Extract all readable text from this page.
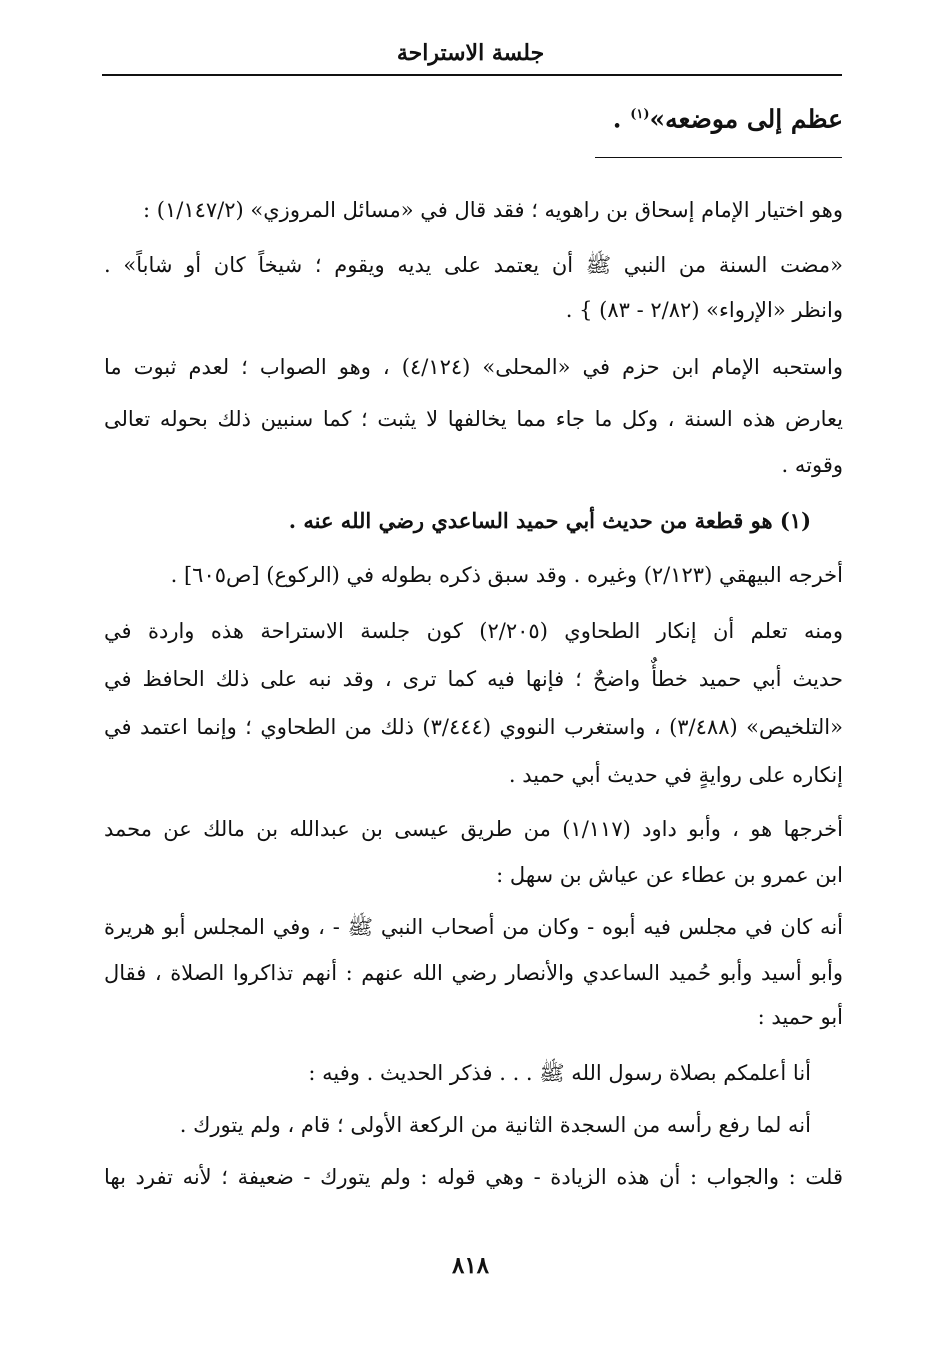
جلسة الاستراحة
عظم إلى موضعه»$^{(١)}$ .
وهو اختيار الإمام إسحاق بن راهويه ؛ فقد قال في «مسائل المروزي» (١/١٤٧/٢) :
«مضت السنة من النبي ﷺ أن يعتمد على يديه ويقوم ؛ شيخاً كان أو شاباً» .
وانظر «الإرواء» (٢/٨٢ - ٨٣) } .
واستحبه الإمام ابن حزم في «المحلى» (٤/١٢٤) ، وهو الصواب ؛ لعدم ثبوت ما
يعارض هذه السنة ، وكل ما جاء مما يخالفها لا يثبت ؛ كما سنبين ذلك بحوله تعالى
وقوته .
(١) هو قطعة من حديث أبي حميد الساعدي رضي الله عنه .
أخرجه البيهقي (٢/١٢٣) وغيره . وقد سبق ذكره بطوله في (الركوع) [ص٦٠٥] .
ومنه تعلم أن إنكار الطحاوي (٢/٢٠٥) كون جلسة الاستراحة هذه واردة في
حديث أبي حميد خطأٌ واضحٌ ؛ فإنها فيه كما ترى ، وقد نبه على ذلك الحافظ في
«التلخيص» (٣/٤٨٨) ، واستغرب النووي (٣/٤٤٤) ذلك من الطحاوي ؛ وإنما اعتمد في
إنكاره على روايةٍ في حديث أبي حميد .
أخرجها هو ، وأبو داود (١/١١٧) من طريق عيسى بن عبدالله بن مالك عن محمد
ابن عمرو بن عطاء عن عياش بن سهل :
أنه كان في مجلس فيه أبوه - وكان من أصحاب النبي ﷺ - ، وفي المجلس أبو هريرة
وأبو أسيد وأبو حُميد الساعدي والأنصار رضي الله عنهم : أنهم تذاكروا الصلاة ، فقال
أبو حميد :
أنا أعلمكم بصلاة رسول الله ﷺ . . . فذكر الحديث . وفيه :
أنه لما رفع رأسه من السجدة الثانية من الركعة الأولى ؛ قام ، ولم يتورك .
قلت : والجواب : أن هذه الزيادة - وهي قوله : ولم يتورك - ضعيفة ؛ لأنه تفرد بها
٨١٨
